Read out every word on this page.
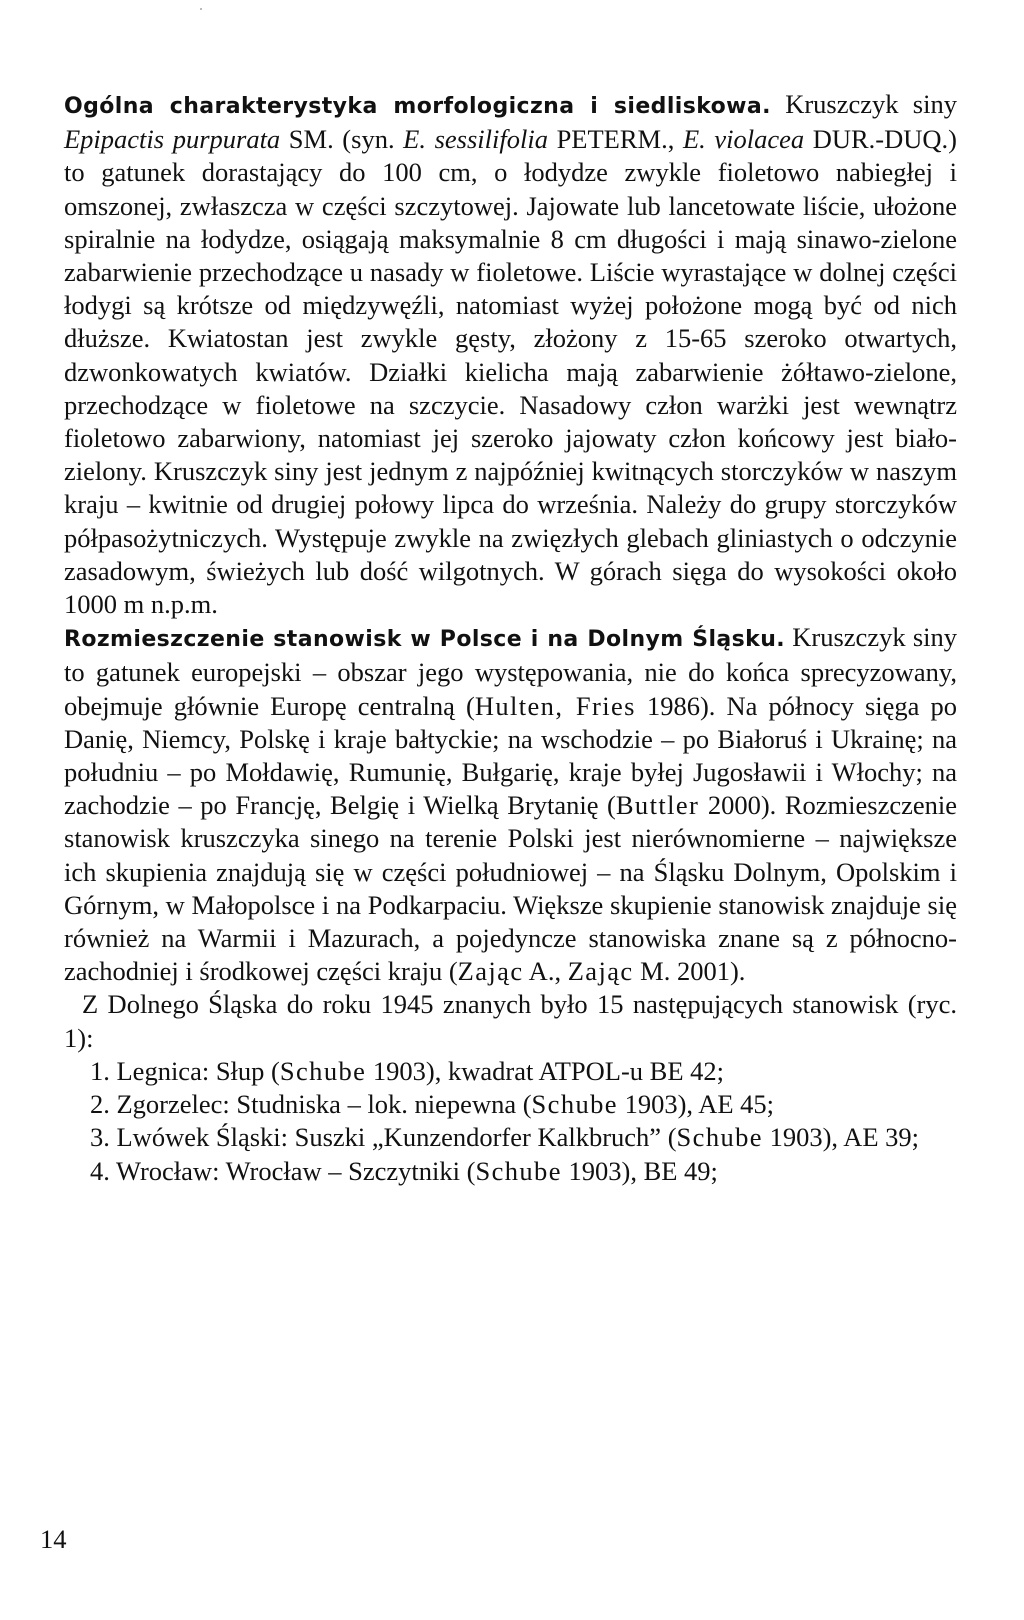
Ogólna charakterystyka morfologiczna i siedliskowa. Kruszczyk siny Epipactis purpurata SM. (syn. E. sessilifolia PETERM., E. violacea DUR.-DUQ.) to gatunek dorastający do 100 cm, o łodydze zwykle fioletowo nabiegłej i omszonej, zwłaszcza w części szczytowej. Jajowate lub lancetowate liście, ułożone spiralnie na łodydze, osiągają maksymalnie 8 cm długości i mają sinawo-zielone zabarwienie przechodzące u nasady w fioletowe. Liście wyrastające w dolnej części łodygi są krótsze od międzywęźli, natomiast wyżej położone mogą być od nich dłuższe. Kwiatostan jest zwykle gęsty, złożony z 15-65 szeroko otwartych, dzwonkowatych kwiatów. Działki kielicha mają zabarwienie żółtawo-zielone, przechodzące w fioletowe na szczycie. Nasadowy człon warżki jest wewnątrz fioletowo zabarwiony, natomiast jej szeroko jajowaty człon końcowy jest biało-zielony. Kruszczyk siny jest jednym z najpóźniej kwitnących storczyków w naszym kraju – kwitnie od drugiej połowy lipca do września. Należy do grupy storczyków półpasożytniczych. Występuje zwykle na zwięzłych glebach gliniastych o odczynie zasadowym, świeżych lub dość wilgotnych. W górach sięga do wysokości około 1000 m n.p.m.

Rozmieszczenie stanowisk w Polsce i na Dolnym Śląsku. Kruszczyk siny to gatunek europejski – obszar jego występowania, nie do końca sprecyzowany, obejmuje głównie Europę centralną (Hulten, Fries 1986). Na północy sięga po Danię, Niemcy, Polskę i kraje bałtyckie; na wschodzie – po Białoruś i Ukrainę; na południu – po Mołdawię, Rumunię, Bułgarię, kraje byłej Jugosławii i Włochy; na zachodzie – po Francję, Belgię i Wielką Brytanię (Buttler 2000). Rozmieszczenie stanowisk kruszczyka sinego na terenie Polski jest nierównomierne – największe ich skupienia znajdują się w części południowej – na Śląsku Dolnym, Opolskim i Górnym, w Małopolsce i na Podkarpaciu. Większe skupienie stanowisk znajduje się również na Warmii i Mazurach, a pojedyncze stanowiska znane są z północno-zachodniej i środkowej części kraju (Zając A., Zając M. 2001).

Z Dolnego Śląska do roku 1945 znanych było 15 następujących stanowisk (ryc. 1):

1. Legnica: Słup (Schube 1903), kwadrat ATPOL-u BE 42;

2. Zgorzelec: Studniska – lok. niepewna (Schube 1903), AE 45;

3. Lwówek Śląski: Suszki „Kunzendorfer Kalkbruch” (Schube 1903), AE 39;

4. Wrocław: Wrocław – Szczytniki (Schube 1903), BE 49;

14
